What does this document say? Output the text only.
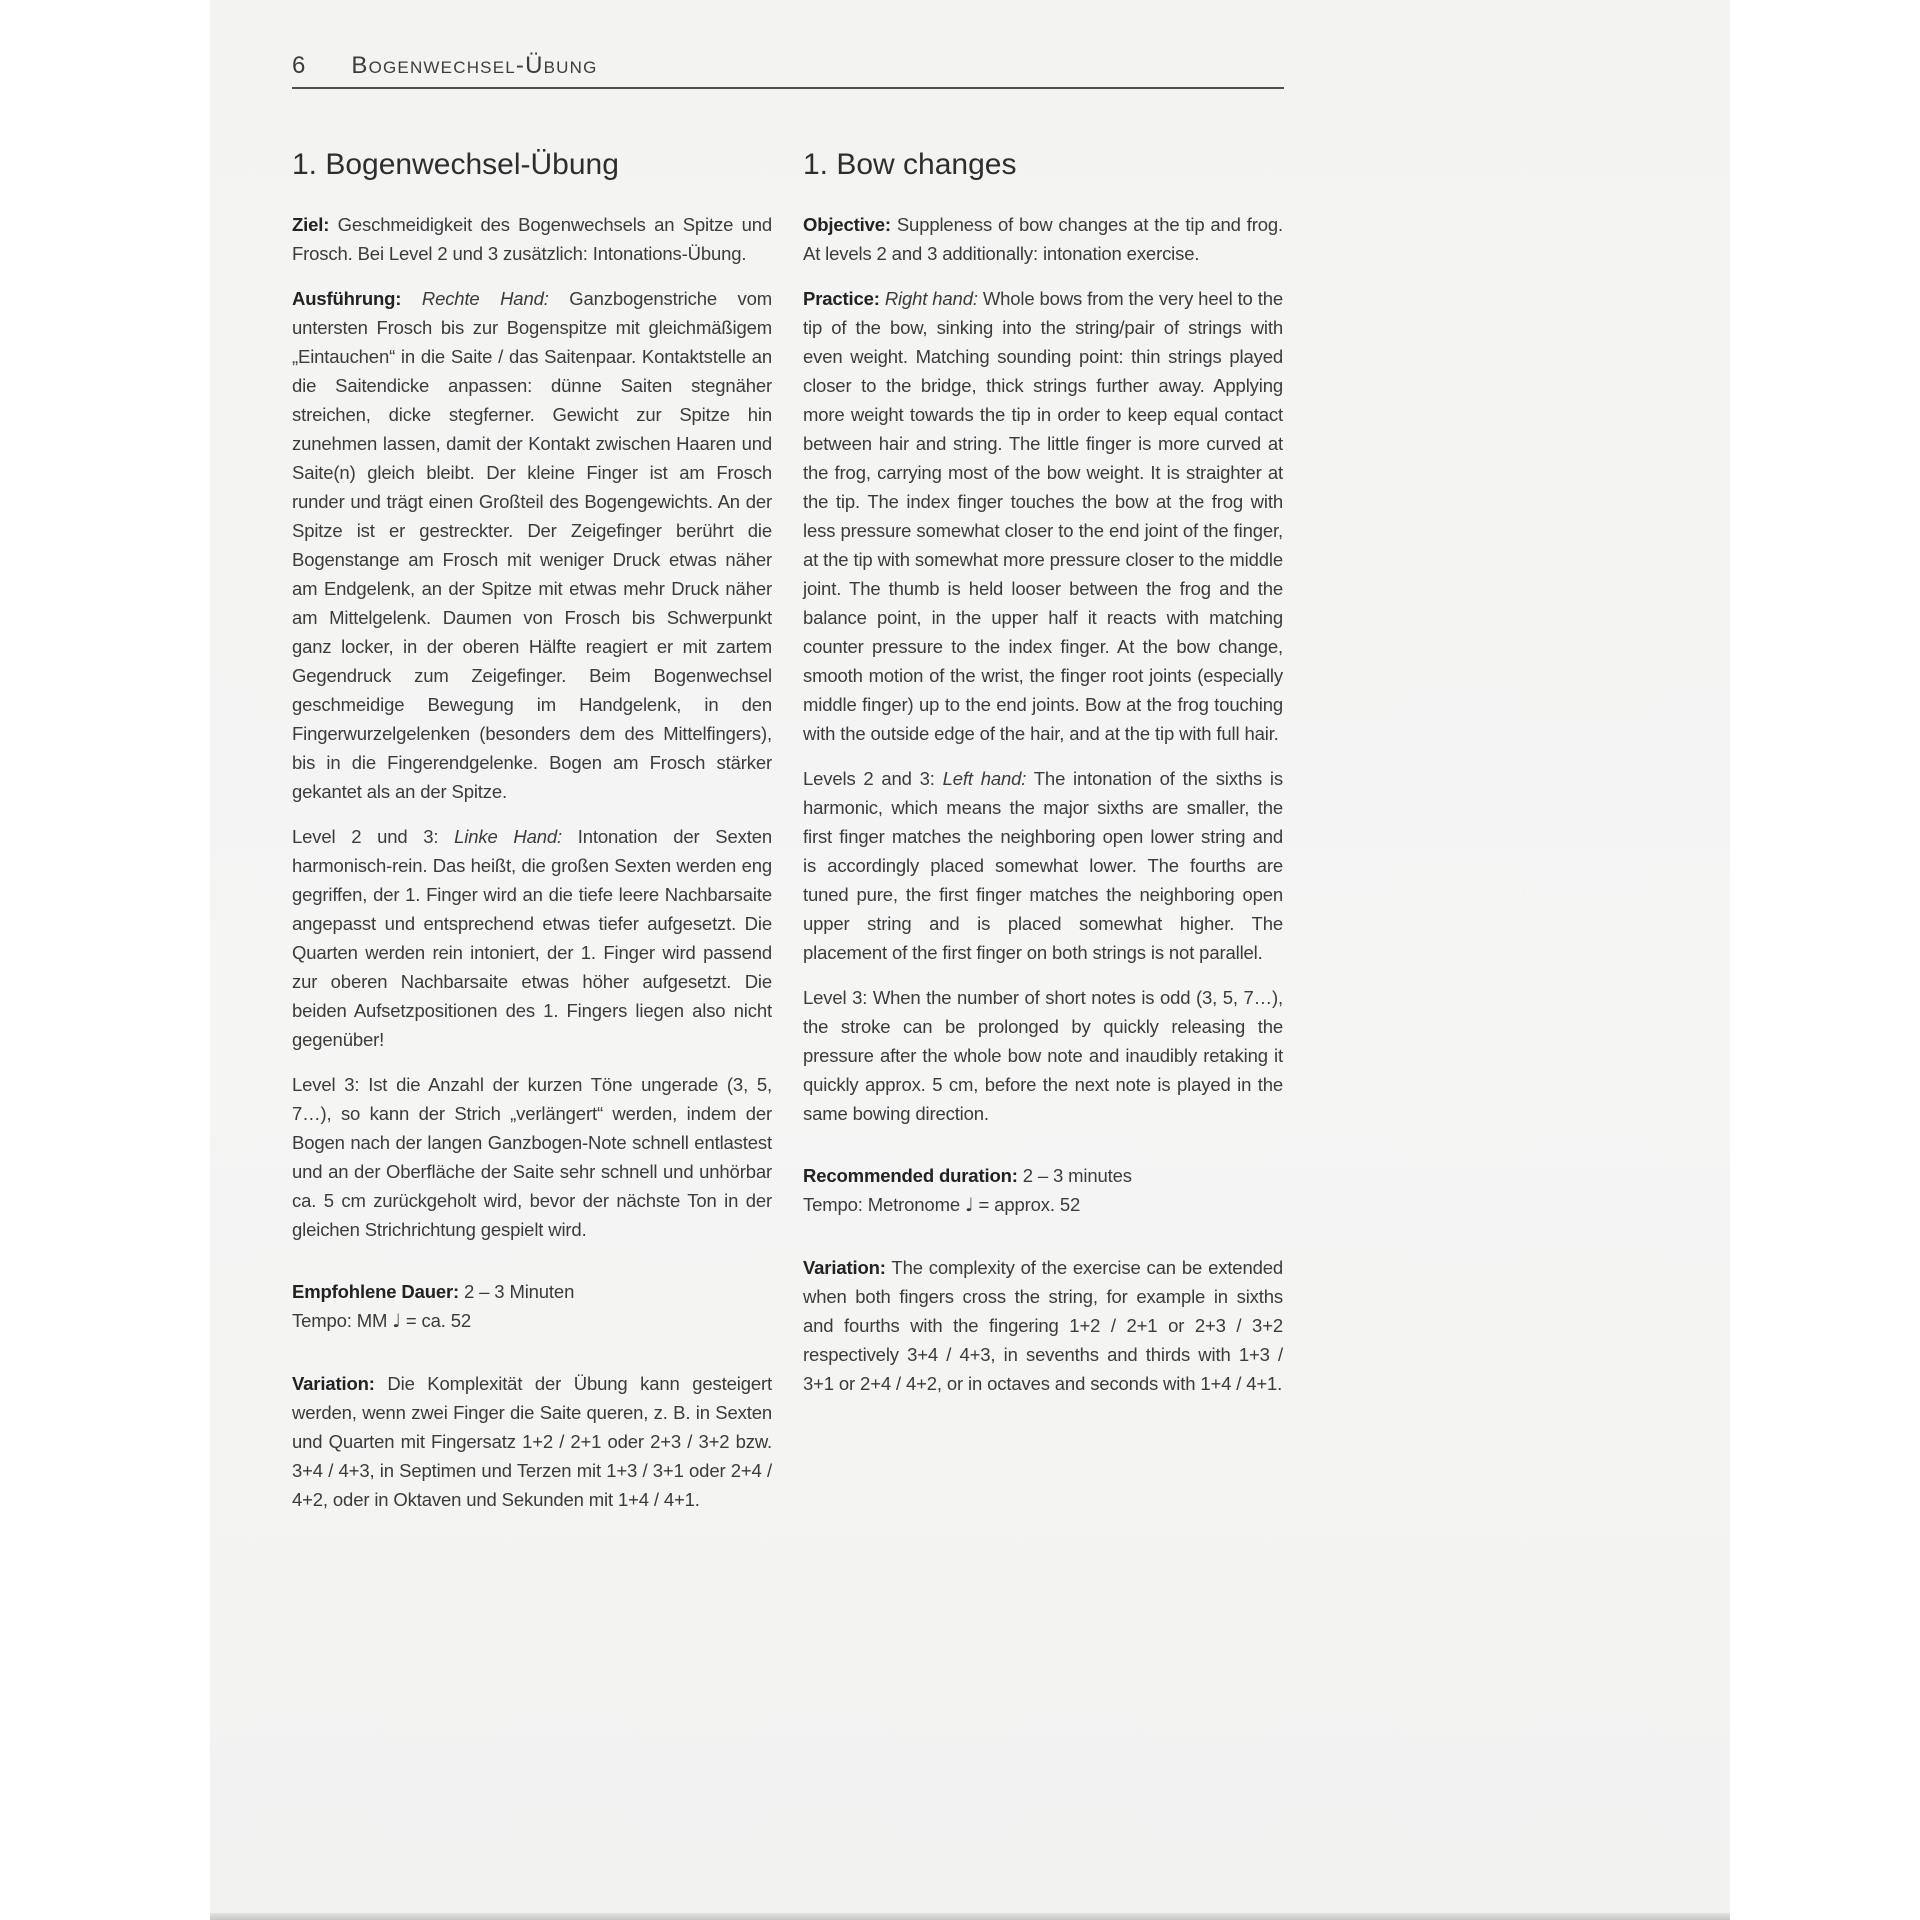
6 Bogenwechsel-Übung
1. Bogenwechsel-Übung

Ziel: Geschmeidigkeit des Bogenwechsels an Spitze und Frosch. Bei Level 2 und 3 zusätzlich: Intonations-Übung.

Ausführung: Rechte Hand: Ganzbogenstriche vom untersten Frosch bis zur Bogenspitze mit gleichmäßigem „Eintauchen“ in die Saite / das Saitenpaar. Kontaktstelle an die Saitendicke anpassen: dünne Saiten stegnäher streichen, dicke stegferner. Gewicht zur Spitze hin zunehmen lassen, damit der Kontakt zwischen Haaren und Saite(n) gleich bleibt. Der kleine Finger ist am Frosch runder und trägt einen Großteil des Bogengewichts. An der Spitze ist er gestreckter. Der Zeigefinger berührt die Bogenstange am Frosch mit weniger Druck etwas näher am Endgelenk, an der Spitze mit etwas mehr Druck näher am Mittelgelenk. Daumen von Frosch bis Schwerpunkt ganz locker, in der oberen Hälfte reagiert er mit zartem Gegendruck zum Zeigefinger. Beim Bogenwechsel geschmeidige Bewegung im Handgelenk, in den Fingerwurzelgelenken (besonders dem des Mittelfingers), bis in die Fingerendgelenke. Bogen am Frosch stärker gekantet als an der Spitze.

Level 2 und 3: Linke Hand: Intonation der Sexten harmonisch-rein. Das heißt, die großen Sexten werden eng gegriffen, der 1. Finger wird an die tiefe leere Nachbarsaite angepasst und entsprechend etwas tiefer aufgesetzt. Die Quarten werden rein intoniert, der 1. Finger wird passend zur oberen Nachbarsaite etwas höher aufgesetzt. Die beiden Aufsetzpositionen des 1. Fingers liegen also nicht gegenüber!

Level 3: Ist die Anzahl der kurzen Töne ungerade (3, 5, 7…), so kann der Strich „verlängert“ werden, indem der Bogen nach der langen Ganzbogen-Note schnell entlastest und an der Oberfläche der Saite sehr schnell und unhörbar ca. 5 cm zurückgeholt wird, bevor der nächste Ton in der gleichen Strichrichtung gespielt wird.

Empfohlene Dauer: 2 – 3 Minuten

Tempo: MM ♩ = ca. 52

Variation: Die Komplexität der Übung kann gesteigert werden, wenn zwei Finger die Saite queren, z. B. in Sexten und Quarten mit Fingersatz 1+2 / 2+1 oder 2+3 / 3+2 bzw. 3+4 / 4+3, in Septimen und Terzen mit 1+3 / 3+1 oder 2+4 / 4+2, oder in Oktaven und Sekunden mit 1+4 / 4+1.

1. Bow changes

Objective: Suppleness of bow changes at the tip and frog. At levels 2 and 3 additionally: intonation exercise.

Practice: Right hand: Whole bows from the very heel to the tip of the bow, sinking into the string/pair of strings with even weight. Matching sounding point: thin strings played closer to the bridge, thick strings further away. Applying more weight towards the tip in order to keep equal contact between hair and string. The little finger is more curved at the frog, carrying most of the bow weight. It is straighter at the tip. The index finger touches the bow at the frog with less pressure somewhat closer to the end joint of the finger, at the tip with somewhat more pressure closer to the middle joint. The thumb is held looser between the frog and the balance point, in the upper half it reacts with matching counter pressure to the index finger. At the bow change, smooth motion of the wrist, the finger root joints (especially middle finger) up to the end joints. Bow at the frog touching with the outside edge of the hair, and at the tip with full hair.

Levels 2 and 3: Left hand: The intonation of the sixths is harmonic, which means the major sixths are smaller, the first finger matches the neighboring open lower string and is accordingly placed somewhat lower. The fourths are tuned pure, the first finger matches the neighboring open upper string and is placed somewhat higher. The placement of the first finger on both strings is not parallel.

Level 3: When the number of short notes is odd (3, 5, 7…), the stroke can be prolonged by quickly releasing the pressure after the whole bow note and inaudibly retaking it quickly approx. 5 cm, before the next note is played in the same bowing direction.

Recommended duration: 2 – 3 minutes

Tempo: Metronome ♩ = approx. 52

Variation: The complexity of the exercise can be extended when both fingers cross the string, for example in sixths and fourths with the fingering 1+2 / 2+1 or 2+3 / 3+2 respectively 3+4 / 4+3, in sevenths and thirds with 1+3 / 3+1 or 2+4 / 4+2, or in octaves and seconds with 1+4 / 4+1.
